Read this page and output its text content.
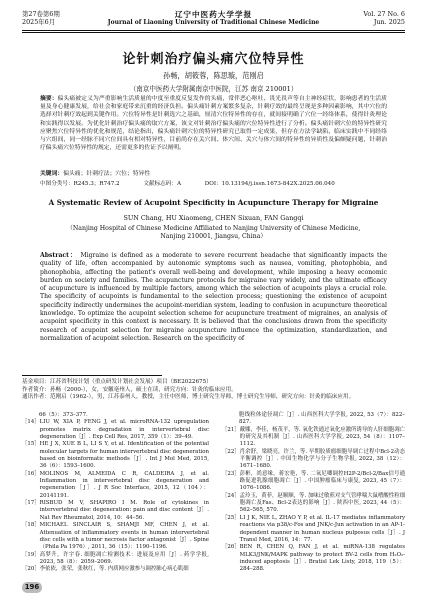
第27卷第6期
2025年6月
辽宁中医药大学学报
Journal of Liaoning University of Traditional Chinese Medicine
Vol. 27 No. 6
Jun. 2025
论针刺治疗偏头痛穴位特异性
孙畅，胡筱蓉，陈思璇，范刚启
（南京中医药大学附属南京中医院，江苏 南京 210001）
摘要：偏头痛被定义为严重影响生活质量的中度至重度反复发作的头痛，常伴恶心呕吐、畏光畏声等自主神经症状，影响患者的生活质量及身心健康发展，给社会和家庭带来沉重的经济负担。偏头痛针刺方案繁多复杂，针刺疗效的最终呈现是多种因素影响，其中穴位的选择对针刺疗效起到关键作用。穴位特异性是针刺选穴之基础，厘清穴位特异性的存在，就间接明确了穴位一经络体系，使得针灸理论和实践得以发展。为优化针刺治疗偏头痛的取穴方案，该文对针刺治疗偏头痛的穴位特异性进行了分析。偏头痛针刺穴位的特异性研究应聚焦穴位特异性的优化和规范，结论指出，偏头痛针刺穴位的特异性研究已取得一定成果，但存在方法学缺陷、临床实践中不同经络与穴组间，同一经脉不同穴位间具有相对特异性，目前尚存在关穴间、体穴间、关穴与体穴间的特异性的异质性及偏颇疑问题，针刺治疗偏头痛穴位特异性的规定，还需更多的佐证予以阐明。
关键词：偏头痛；针刺疗法；穴位；特异性
中图分类号：R245.3；R747.2	文献标志码：A	DOI：10.13194/j.issn.1673-842X.2025.06.040
A Systematic Review of Acupoint Specificity in Acupuncture Therapy for Migraine
SUN Chang, HU Xiaomeng, CHEN Sixuan, FAN Gangqi
（Nanjing Hospital of Chinese Medicine Affiliated to Nanjing University of Chinese Medicine, Nanjing 210001, Jiangsu, China）
Abstract： Migraine is defined as a moderate to severe recurrent headache that significantly impacts the quality of life, often accompanied by autonomic symptoms such as nausea, vomiting, photophobia, and phonophobia, affecting the patient's overall well-being and development, while imposing a heavy economic burden on society and families. The acupuncture protocols for migraine vary widely, and the ultimate efficacy of acupuncture is influenced by multiple factors, among which the selection of acupoints plays a crucial role. The specificity of acupoints is fundamental to the selection process; questioning the existence of acupoint specificity indirectly undermines the acupoint-meridian system, leading to confusion in acupuncture theoretical knowledge. To optimize the acupoint selection scheme for acupuncture treatment of migraines, an analysis of acupoint specificity in this context is necessary. It is believed that the conclusions drawn from the specificity research of acupoint selection for migraine acupuncture influence the optimization, standardization, and normalization of acupoint selection. Research on the specificity of
基金项目：江苏省科技计划（重点研发计划社会发展）项目（BE2022675）
作者简介：孙畅（2000-），女，安徽亳州人，硕士在读，研究方向：针灸的临床应用。
通讯作者：范刚启（1962-），男，江苏泰州人，教授，主任中医师，博士研究生导师，博士研究生导师，研究方向：针灸的临床应用。
66（5）：373–377.
［14］ LIU W, XIA P, FENG J, et al. microRNA-132 upregulation promotes matrix degradation in intervertebral disc degeneration［J］. Exp Cell Res, 2017, 359（1）：39–49.
［15］ HE J X, XUE B L, LI S Y, et al. Identification of the potential molecular targets for human intervertebral disc degeneration based on bioinformatic methods［J］. Int J Mol Med, 2015, 36（6）：1593–1600.
［16］ MOLINOS M, ALMEIDA C R, CALDEIRA J, et al. Inflammation in intervertebral disc degeneration and regeneration［J］. J R Soc Interface, 2015, 12（104）：20141191.
［17］ RISBUD M V, SHAPIRO I M. Role of cytokines in intervertebral disc degeneration: pain and disc content［J］. Nat Rev Rheumatol, 2014, 10：44–56.
［18］ MICHAEL SINCLAIR S, SHAMJI MF, CHEN J, et al. Attenuation of inflammatory events in human intervertebral disc cells with a tumor necrosis factor antagonist［J］. Spine（Phila Pa 1976）, 2011, 36（15）：1190–1196.
［19］ 高梦升，许宇春. 细胞凋亡检测技术：进展及应用［J］. 药学学报, 2023, 58（8）：2059–2069.
［20］ 李依依，张荣，张秋红，等. 内质网应激参与调控肺心病心肌细
胞线粒体途径凋亡［J］. 山西医科大学学报, 2022, 53（7）：822–827.
［21］ 戴娜，李佳，杨茂平，等. 氧化铁通过氧化应激所诱导的人肝细胞凋亡的研究及其机制［J］. 山西医科大学学报, 2023, 54（8）：1107–1112.
［22］ 肖余舒，梁晓亮，许兰，等. 早期胶质瘤细胞导调亡过程中Bcl-2动态平衡调控［J］. 中国生物化学与分子生物学报, 2022, 38（12）：1671–1680.
［23］ 彭彬，尚意缘，蒋宏艳，等. 二氧尼卿调控H2P-2/Bcl-2/Bax信号通路促进乳腺细胞凋亡［J］. 中国肿瘤临床与康复, 2023, 45（7）：1076–1086.
［24］ 孟玲玉，黄菲，赵顺顺，等. 加味过敏煎对支气管哮喘大鼠嗜酸性粒细胞凋亡及Fas、Bcl-2表达的影响［J］. 陕西中医, 2023, 44（5）：562–565, 570.
［25］ LI J K, NIE L, ZHAO Y P, et al. IL-17 mediates inflammatory reactions via p38/c-Fos and JNK/c-Jun activation in an AP-1-dependent manner in human nucleus pulposus cells［J］. J Transl Med, 2016, 14：77.
［26］ BEN R, CHEN Q, FAN J, et al. miRNA-138 regulates MLK3/JNK/MAPK pathway to protect BV-2 cells from H₂O₂-induced apoptosis［J］. Bratisl Lek Listy, 2018, 119（5）：284–288.
196
